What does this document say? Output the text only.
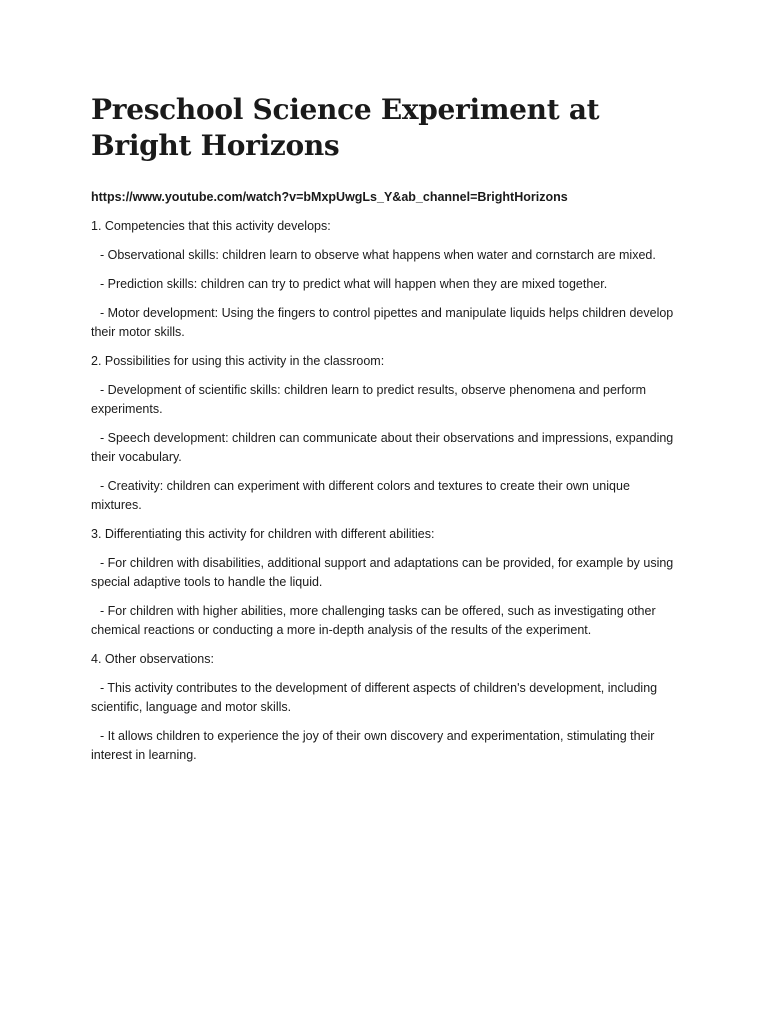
Preschool Science Experiment at Bright Horizons

https://www.youtube.com/watch?v=bMxpUwgLs_Y&ab_channel=BrightHorizons

1. Competencies that this activity develops:

- Observational skills: children learn to observe what happens when water and cornstarch are mixed.

- Prediction skills: children can try to predict what will happen when they are mixed together.

- Motor development: Using the fingers to control pipettes and manipulate liquids helps children develop their motor skills.

2. Possibilities for using this activity in the classroom:

- Development of scientific skills: children learn to predict results, observe phenomena and perform experiments.

- Speech development: children can communicate about their observations and impressions, expanding their vocabulary.

- Creativity: children can experiment with different colors and textures to create their own unique mixtures.

3. Differentiating this activity for children with different abilities:

- For children with disabilities, additional support and adaptations can be provided, for example by using special adaptive tools to handle the liquid.

- For children with higher abilities, more challenging tasks can be offered, such as investigating other chemical reactions or conducting a more in-depth analysis of the results of the experiment.

4. Other observations:

- This activity contributes to the development of different aspects of children's development, including scientific, language and motor skills.

- It allows children to experience the joy of their own discovery and experimentation, stimulating their interest in learning.
